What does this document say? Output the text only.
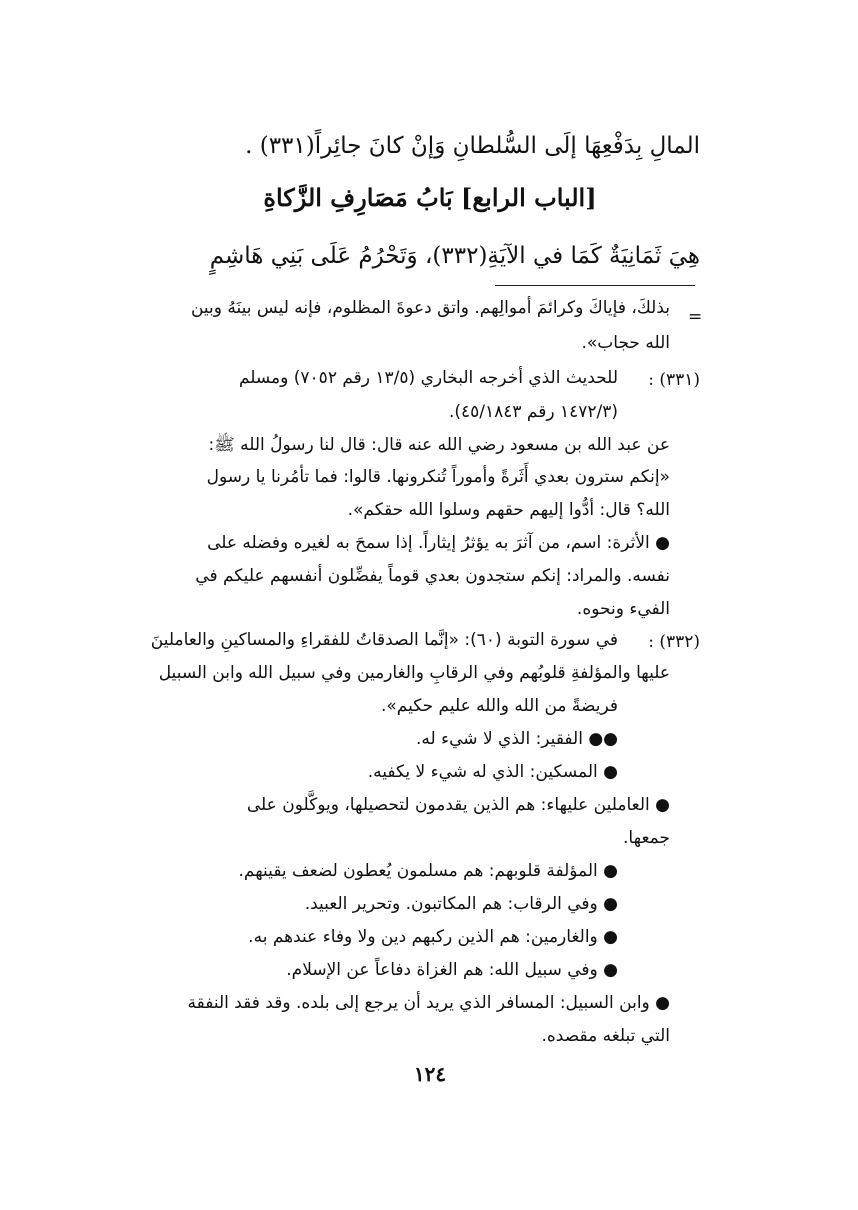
المالِ بِدَفْعِهَا إلَى السُّلطانِ وَإنْ كانَ جائِراً(٣٣١) .
[الباب الرابع] بَابُ مَصَارِفِ الزَّكاةِ
هِيَ ثَمَانِيَةٌ كَمَا في الآيَةِ(٣٣٢)، وَتَحْرُمُ عَلَى بَنِي هَاشِمٍ
=
بذلكَ، فإياكَ وكرائمَ أموالِهم. واتق دعوةَ المظلوم، فإنه ليس بينَهُ وبين
الله حجاب».
(٣٣١) :
للحديث الذي أخرجه البخاري (١٣/٥ رقم ٧٠٥٢) ومسلم
(١٤٧٢/٣ رقم ٤٥/١٨٤٣).
عن عبد الله بن مسعود رضي الله عنه قال: قال لنا رسولُ الله ﷺ:
«إنكم سترون بعدي أَثَرةً وأموراً تُنكرونها. قالوا: فما تأمُرنا يا رسول
الله؟ قال: أدُّوا إليهم حقهم وسلوا الله حقكم».
● الأثرة: اسم، من آثرَ به يؤثرُ إيثاراً. إذا سمحَ به لغيره وفضله على
نفسه. والمراد: إنكم ستجدون بعدي قوماً يفضِّلون أنفسهم عليكم في
الفيء ونحوه.
(٣٣٢) :
في سورة التوبة (٦٠): «إنَّما الصدقاتُ للفقراءِ والمساكينِ والعاملينَ
عليها والمؤلفةِ قلوبُهم وفي الرقابِ والغارمين وفي سبيل الله وابن السبيل
فريضةً من الله والله عليم حكيم».
●● الفقير: الذي لا شيء له.
● المسكين: الذي له شيء لا يكفيه.
● العاملين عليهاء: هم الذين يقدمون لتحصيلها، ويوكَّلون على
جمعها.
● المؤلفة قلوبهم: هم مسلمون يُعطون لضعف يقينهم.
● وفي الرقاب: هم المكاتبون. وتحرير العبيد.
● والغارمين: هم الذين ركبهم دين ولا وفاء عندهم به.
● وفي سبيل الله: هم الغزاة دفاعاً عن الإسلام.
● وابن السبيل: المسافر الذي يريد أن يرجع إلى بلده. وقد فقد النفقة
التي تبلغه مقصده.
١٢٤
